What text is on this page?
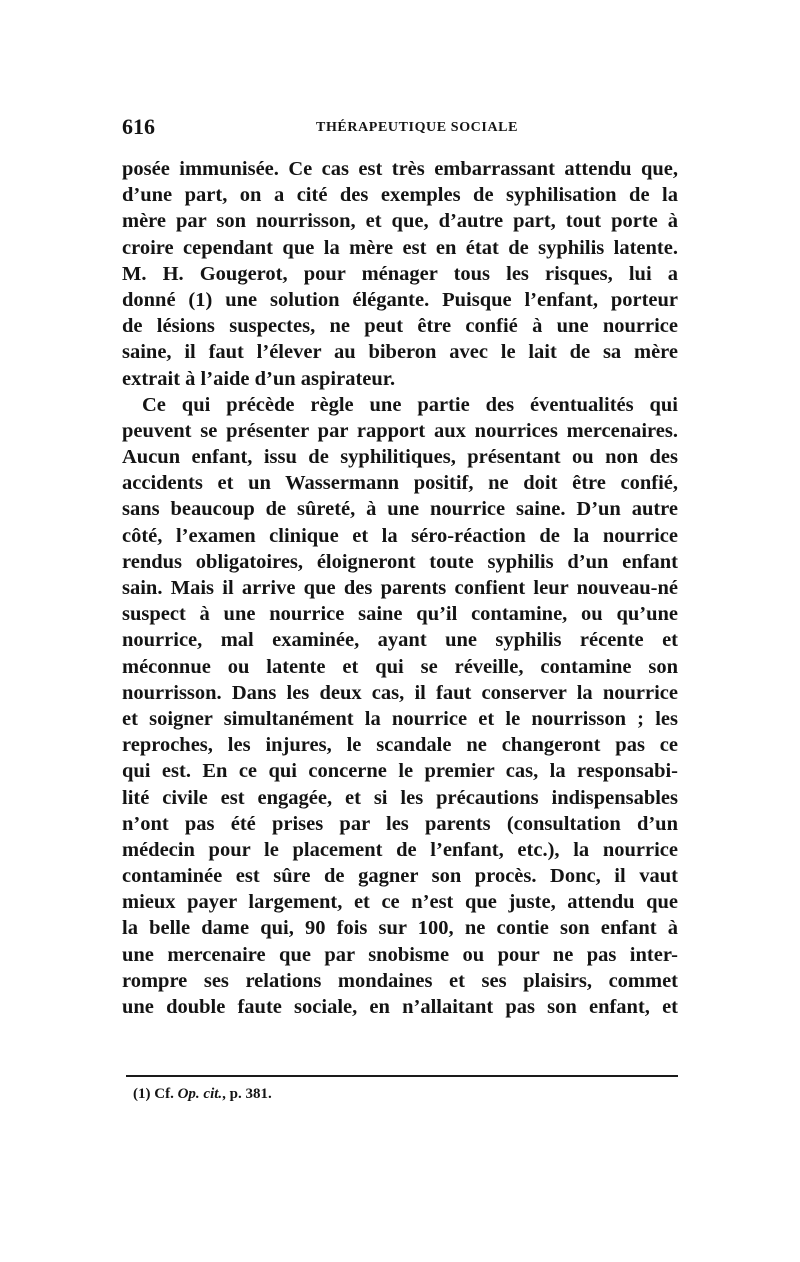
616	THÉRAPEUTIQUE SOCIALE
posée immunisée. Ce cas est très embarrassant attendu que,
d’une part, on a cité des exemples de syphilisation de la
mère par son nourrisson, et que, d’autre part, tout porte à
croire cependant que la mère est en état de syphilis latente.
M. H. Gougerot, pour ménager tous les risques, lui a
donné (1) une solution élégante. Puisque l’enfant, porteur
de lésions suspectes, ne peut être confié à une nourrice
saine, il faut l’élever au biberon avec le lait de sa mère
extrait à l’aide d’un aspirateur.
Ce qui précède règle une partie des éventualités qui
peuvent se présenter par rapport aux nourrices mercenaires.
Aucun enfant, issu de syphilitiques, présentant ou non des
accidents et un Wassermann positif, ne doit être confié,
sans beaucoup de sûreté, à une nourrice saine. D’un autre
côté, l’examen clinique et la séro-réaction de la nourrice
rendus obligatoires, éloigneront toute syphilis d’un enfant
sain. Mais il arrive que des parents confient leur nouveau-né
suspect à une nourrice saine qu’il contamine, ou qu’une
nourrice, mal examinée, ayant une syphilis récente et
méconnue ou latente et qui se réveille, contamine son
nourrisson. Dans les deux cas, il faut conserver la nourrice
et soigner simultanément la nourrice et le nourrisson ; les
reproches, les injures, le scandale ne changeront pas ce
qui est. En ce qui concerne le premier cas, la responsabi-
lité civile est engagée, et si les précautions indispensables
n’ont pas été prises par les parents (consultation d’un
médecin pour le placement de l’enfant, etc.), la nourrice
contaminée est sûre de gagner son procès. Donc, il vaut
mieux payer largement, et ce n’est que juste, attendu que
la belle dame qui, 90 fois sur 100, ne contie son enfant à
une mercenaire que par snobisme ou pour ne pas inter-
rompre ses relations mondaines et ses plaisirs, commet
une double faute sociale, en n’allaitant pas son enfant, et
(1) Cf. Op. cit., p. 381.
